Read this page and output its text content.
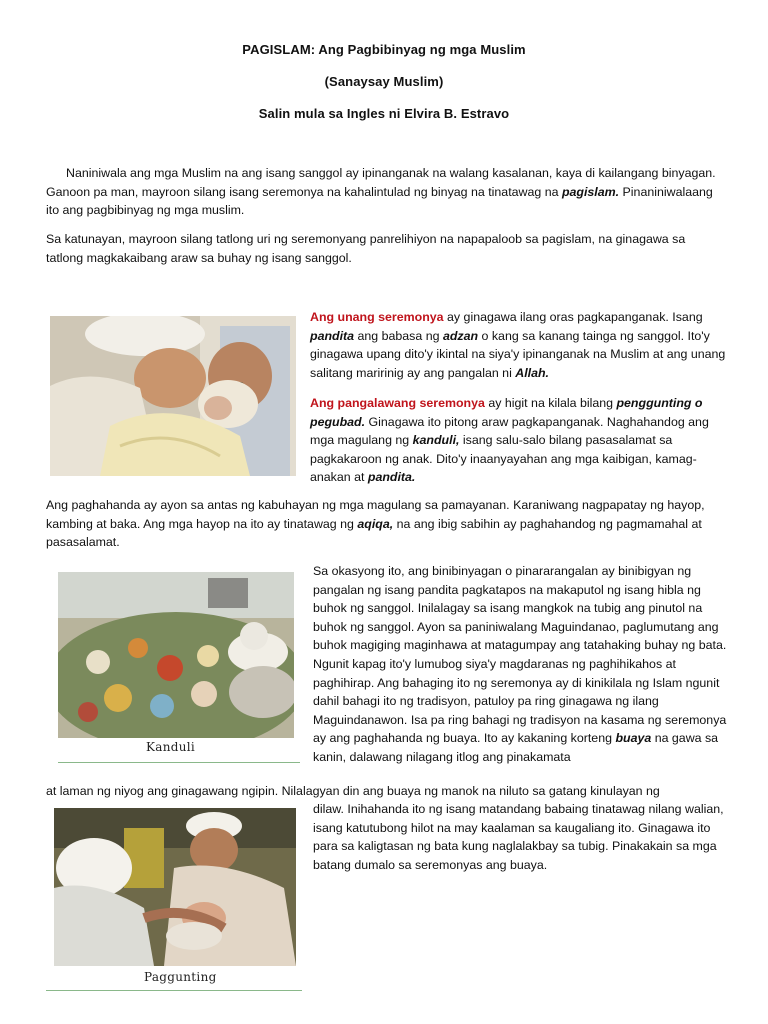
PAGISLAM: Ang Pagbibinyag ng mga Muslim
(Sanaysay Muslim)
Salin mula sa Ingles ni Elvira B. Estravo

Naniniwala ang mga Muslim na ang isang sanggol ay ipinanganak na walang kasalanan, kaya di kailangang binyagan. Ganoon pa man, mayroon silang isang seremonya na kahalintulad ng binyag na tinatawag na pagislam. Pinaniniwalaang ito ang pagbibinyag ng mga muslim.

Sa katunayan, mayroon silang tatlong uri ng seremonyang panrelihiyon na napapaloob sa pagislam, na ginagawa sa tatlong magkakaibang araw sa buhay ng isang sanggol.

Ang unang seremonya ay ginagawa ilang oras pagkapanganak. Isang pandita ang babasa ng adzan o kang sa kanang tainga ng sanggol. Ito'y ginagawa upang dito'y ikintal na siya'y ipinanganak na Muslim at ang unang salitang maririnig ay ang pangalan ni Allah.

Ang pangalawang seremonya ay higit na kilala bilang penggunting o pegubad. Ginagawa ito pitong araw pagkapanganak. Naghahandog ang mga magulang ng kanduli, isang salu-salo bilang pasasalamat sa pagkakaroon ng anak. Dito'y inaanyayahan ang mga kaibigan, kamag-anakan at pandita.

Ang paghahanda ay ayon sa antas ng kabuhayan ng mga magulang sa pamayanan. Karaniwang nagpapatay ng hayop, kambing at baka. Ang mga hayop na ito ay tinatawag ng aqiqa, na ang ibig sabihin ay paghahandog ng pagmamahal at pasasalamat.

Kanduli

Sa okasyong ito, ang binibinyagan o pinararangalan ay binibigyan ng pangalan ng isang pandita pagkatapos na makaputol ng isang hibla ng buhok ng sanggol. Inilalagay sa isang mangkok na tubig ang pinutol na buhok ng sanggol. Ayon sa paniniwalang Maguindanao, paglumutang ang buhok magiging maginhawa at matagumpay ang tatahaking buhay ng bata. Ngunit kapag ito'y lumubog siya'y magdaranas ng paghihikahos at paghihirap. Ang bahaging ito ng seremonya ay di kinikilala ng Islam ngunit dahil bahagi ito ng tradisyon, patuloy pa ring ginagawa ng ilang Maguindanawon. Isa pa ring bahagi ng tradisyon na kasama ng seremonya ay ang paghahanda ng buaya. Ito ay kakaning korteng buaya na gawa sa kanin, dalawang nilagang itlog ang pinakamata

at laman ng niyog ang ginagawang ngipin. Nilalagyan din ang buaya ng manok na niluto sa gatang kinulayan ng

Paggunting

dilaw. Inihahanda ito ng isang matandang babaing tinatawag nilang walian, isang katutubong hilot na may kaalaman sa kaugaliang ito. Ginagawa ito para sa kaligtasan ng bata kung naglalakbay sa tubig. Pinakakain sa mga batang dumalo sa seremonyas ang buaya.
